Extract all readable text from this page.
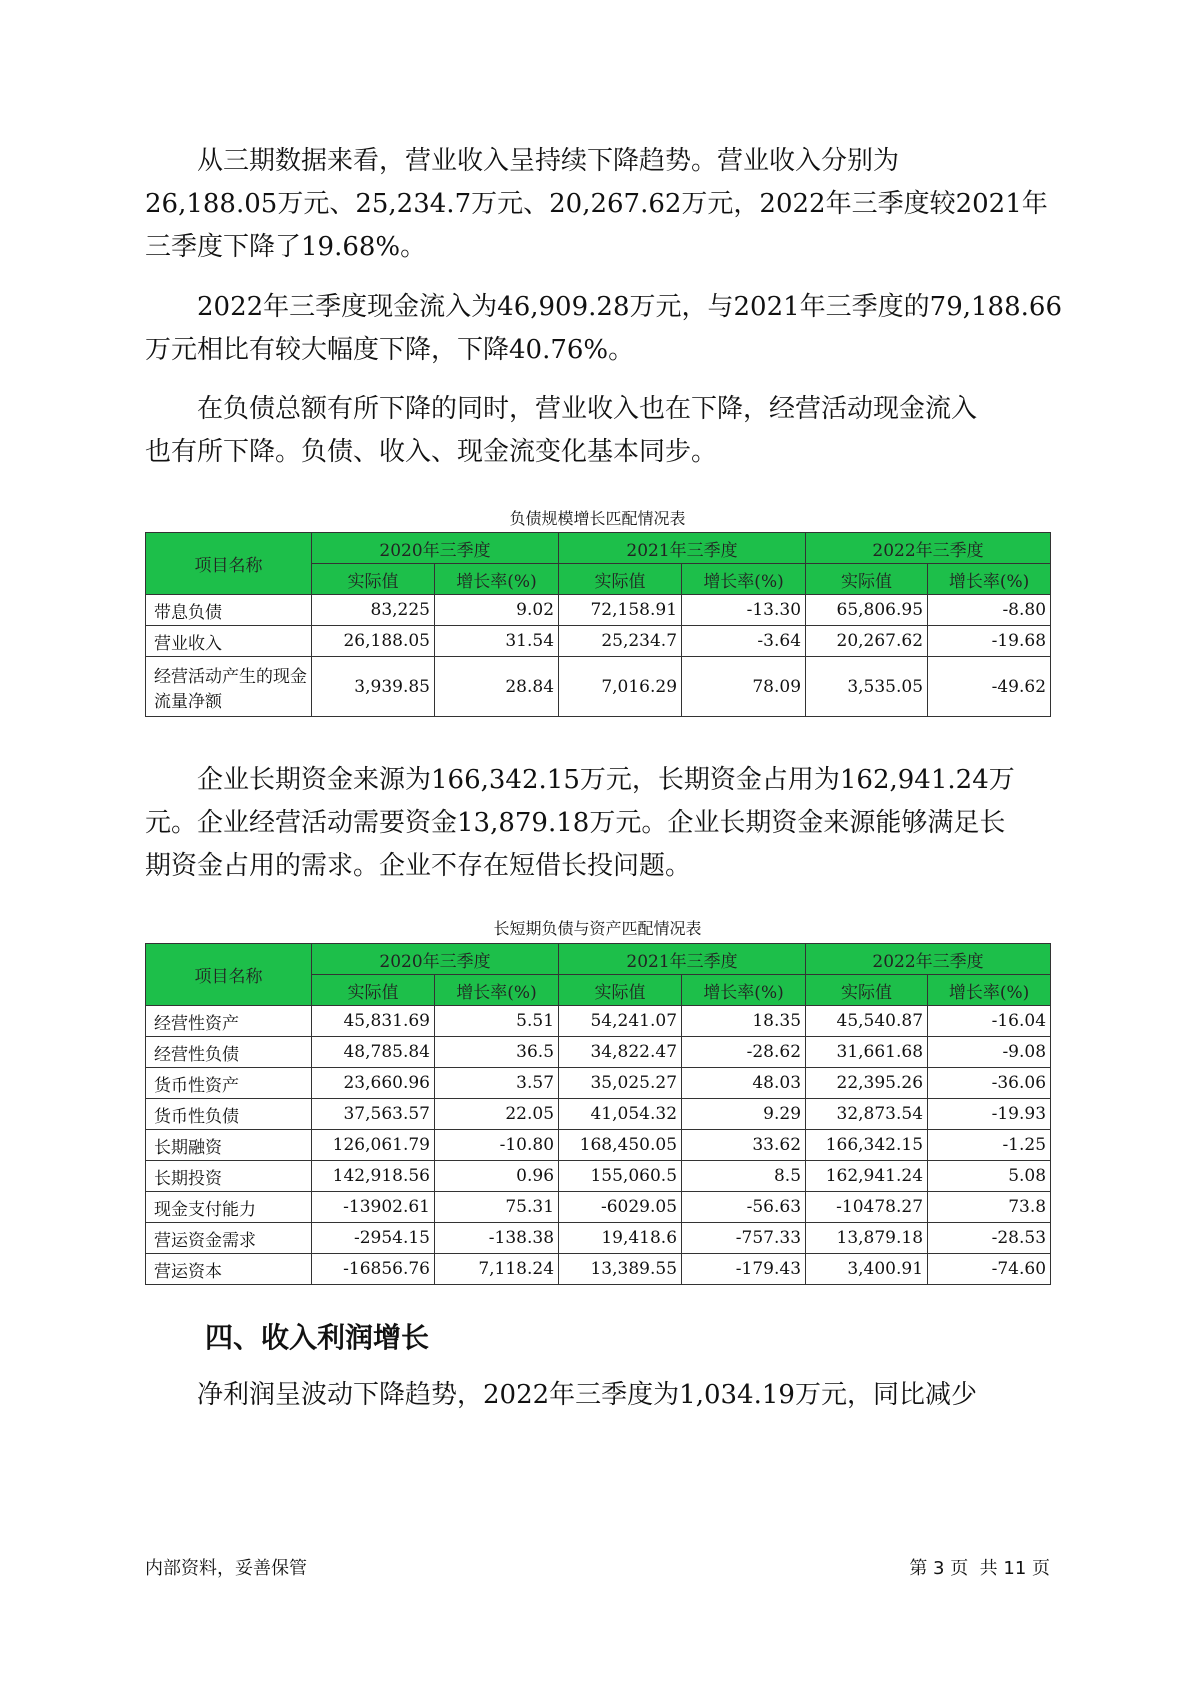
从三期数据来看，营业收入呈持续下降趋势。营业收入分别为
26,188.05万元、25,234.7万元、20,267.62万元，2022年三季度较2021年
三季度下降了19.68%。
2022年三季度现金流入为46,909.28万元，与2021年三季度的79,188.66
万元相比有较大幅度下降，下降40.76%。
在负债总额有所下降的同时，营业收入也在下降，经营活动现金流入
也有所下降。负债、收入、现金流变化基本同步。
负债规模增长匹配情况表
项目名称	2020年三季度		2021年三季度		2022年三季度	
	实际值	增长率(%)	实际值	增长率(%)	实际值	增长率(%)
带息负债	83,225	9.02	72,158.91	-13.30	65,806.95	-8.80
营业收入	26,188.05	31.54	25,234.7	-3.64	20,267.62	-19.68
经营活动产生的现金流量净额	3,939.85	28.84	7,016.29	78.09	3,535.05	-49.62
企业长期资金来源为166,342.15万元，长期资金占用为162,941.24万
元。企业经营活动需要资金13,879.18万元。企业长期资金来源能够满足长
期资金占用的需求。企业不存在短借长投问题。
长短期负债与资产匹配情况表
项目名称	2020年三季度		2021年三季度		2022年三季度	
	实际值	增长率(%)	实际值	增长率(%)	实际值	增长率(%)
经营性资产	45,831.69	5.51	54,241.07	18.35	45,540.87	-16.04
经营性负债	48,785.84	36.5	34,822.47	-28.62	31,661.68	-9.08
货币性资产	23,660.96	3.57	35,025.27	48.03	22,395.26	-36.06
货币性负债	37,563.57	22.05	41,054.32	9.29	32,873.54	-19.93
长期融资	126,061.79	-10.80	168,450.05	33.62	166,342.15	-1.25
长期投资	142,918.56	0.96	155,060.5	8.5	162,941.24	5.08
现金支付能力	-13902.61	75.31	-6029.05	-56.63	-10478.27	73.8
营运资金需求	-2954.15	-138.38	19,418.6	-757.33	13,879.18	-28.53
营运资本	-16856.76	7,118.24	13,389.55	-179.43	3,400.91	-74.60
四、收入利润增长
净利润呈波动下降趋势，2022年三季度为1,034.19万元，同比减少
内部资料，妥善保管	第 3 页  共 11 页
